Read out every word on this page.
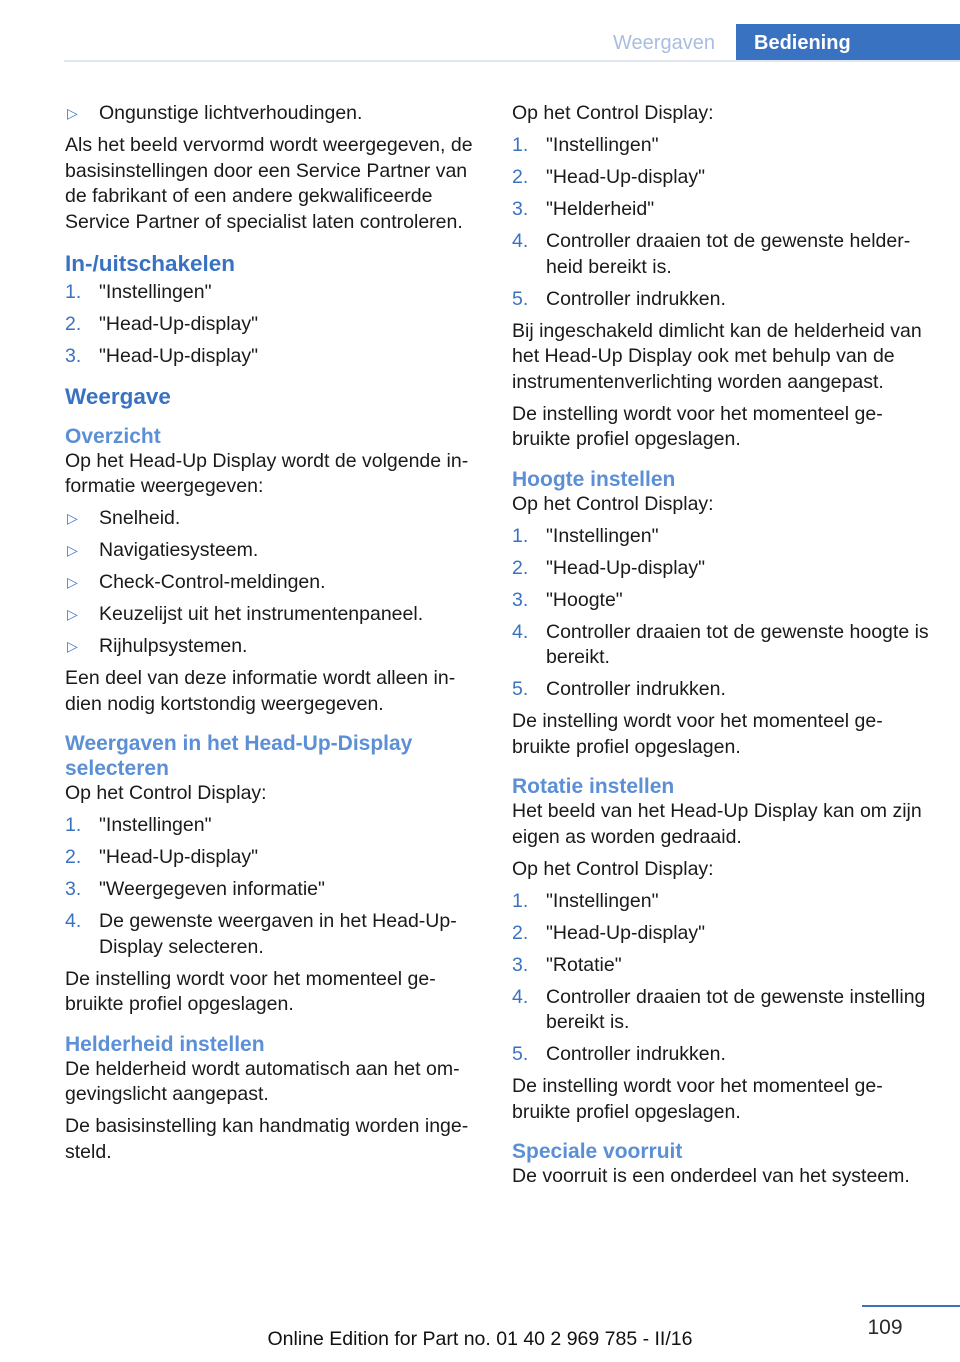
Weergaven	Bediening
▷ Ongunstige lichtverhoudingen.

Als het beeld vervormd wordt weergegeven, de basisinstellingen door een Service Partner van de fabrikant of een andere gekwalificeerde Service Partner of specialist laten controleren.

In-/uitschakelen
1. "Instellingen"
2. "Head-Up-display"
3. "Head-Up-display"
Weergave
Overzicht

Op het Head-Up Display wordt de volgende informatie weergegeven:

▷ Snelheid.
▷ Navigatiesysteem.
▷ Check-Control-meldingen.
▷ Keuzelijst uit het instrumentenpaneel.
▷ Rijhulpsystemen.

Een deel van deze informatie wordt alleen indien nodig kortstondig weergegeven.

Weergaven in het Head-Up-Display selecteren

Op het Control Display:

1. "Instellingen"
2. "Head-Up-display"
3. "Weergegeven informatie"
4. De gewenste weergaven in het Head-Up-Display selecteren.

De instelling wordt voor het momenteel gebruikte profiel opgeslagen.

Helderheid instellen

De helderheid wordt automatisch aan het omgevingslicht aangepast.

De basisinstelling kan handmatig worden ingesteld.

Op het Control Display:

1. "Instellingen"
2. "Head-Up-display"
3. "Helderheid"
4. Controller draaien tot de gewenste helderheid bereikt is.
5. Controller indrukken.

Bij ingeschakeld dimlicht kan de helderheid van het Head-Up Display ook met behulp van de instrumentenverlichting worden aangepast.

De instelling wordt voor het momenteel gebruikte profiel opgeslagen.

Hoogte instellen

Op het Control Display:

1. "Instellingen"
2. "Head-Up-display"
3. "Hoogte"
4. Controller draaien tot de gewenste hoogte is bereikt.
5. Controller indrukken.

De instelling wordt voor het momenteel gebruikte profiel opgeslagen.

Rotatie instellen

Het beeld van het Head-Up Display kan om zijn eigen as worden gedraaid.

Op het Control Display:

1. "Instellingen"
2. "Head-Up-display"
3. "Rotatie"
4. Controller draaien tot de gewenste instelling bereikt is.
5. Controller indrukken.

De instelling wordt voor het momenteel gebruikte profiel opgeslagen.

Speciale voorruit

De voorruit is een onderdeel van het systeem.

109
Online Edition for Part no. 01 40 2 969 785 - II/16
